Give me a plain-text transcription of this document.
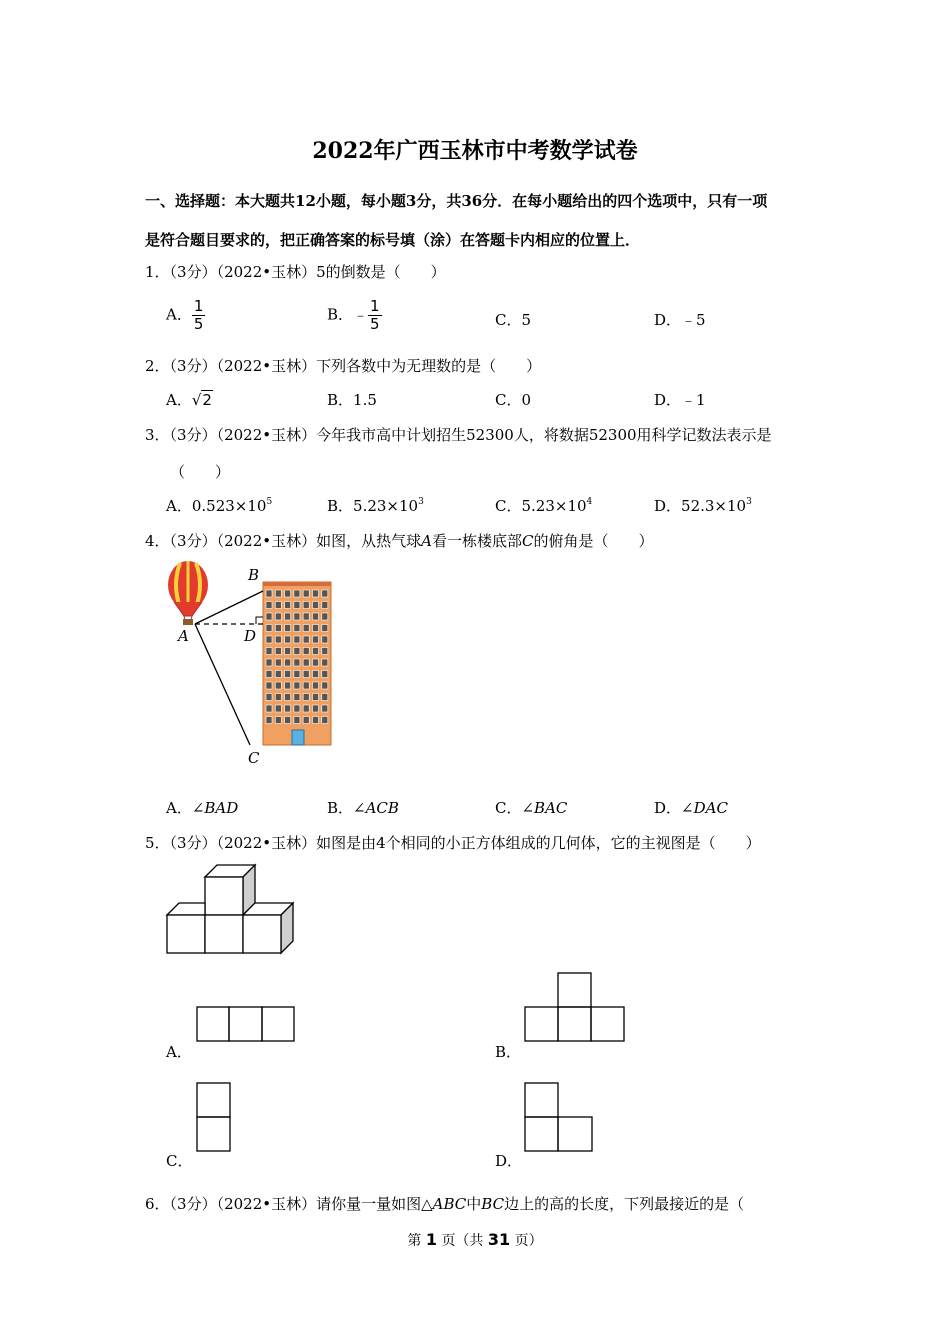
2022年广西玉林市中考数学试卷
一、选择题：本大题共12小题，每小题3分，共36分．在每小题给出的四个选项中，只有一项
是符合题目要求的，把正确答案的标号填（涂）在答题卡内相应的位置上．
1．（3分）（2022•玉林）5的倒数是（　　）
A． $\frac{1}{5}$	B．﹣ $\frac{1}{5}$	C．5	D．﹣5
2．（3分）（2022•玉林）下列各数中为无理数的是（　　）
A．√2	B．1.5	C．0	D．﹣1
3．（3分）（2022•玉林）今年我市高中计划招生52300人，将数据52300用科学记数法表示是
（　　）
A．$0.523\times 10^5$	B．$5.23\times 10^3$	C．$5.23\times 10^4$	D．$52.3\times 10^3$
4．（3分）（2022•玉林）如图，从热气球A看一栋楼底部C的俯角是（　　）
A
B
D
C
A．∠BAD	B．∠ACB	C．∠BAC	D．∠DAC
5．（3分）（2022•玉林）如图是由4个相同的小正方体组成的几何体，它的主视图是（　　）
A．	B．
C．	D．
6．（3分）（2022•玉林）请你量一量如图△ABC中BC边上的高的长度，下列最接近的是（
第 1 页（共 31 页）
